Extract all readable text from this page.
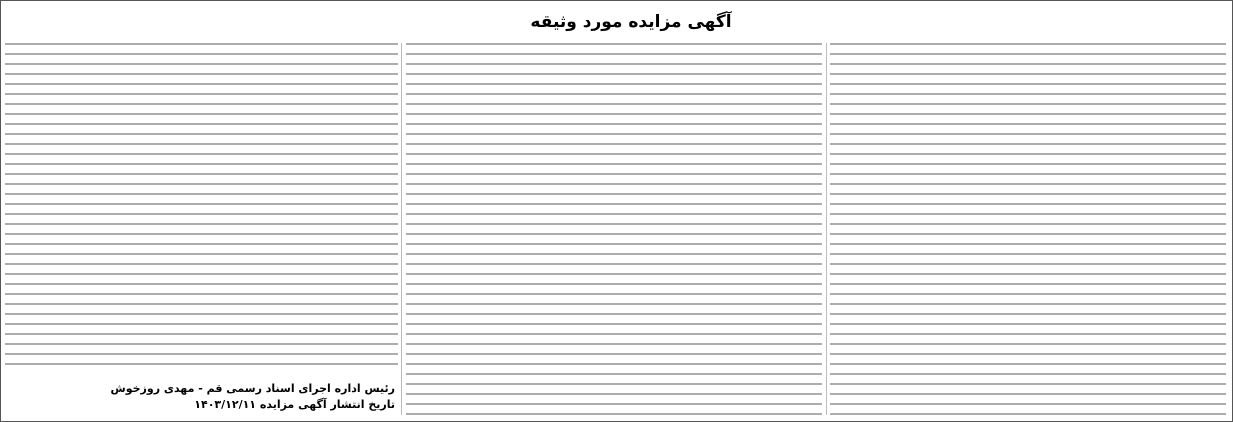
آگهی مزایده مورد وثیقه
رئیس اداره اجرای اسناد رسمی قم - مهدی روزخوش
تاریخ انتشار آگهی مزایده ۱۴۰۳/۱۲/۱۱
